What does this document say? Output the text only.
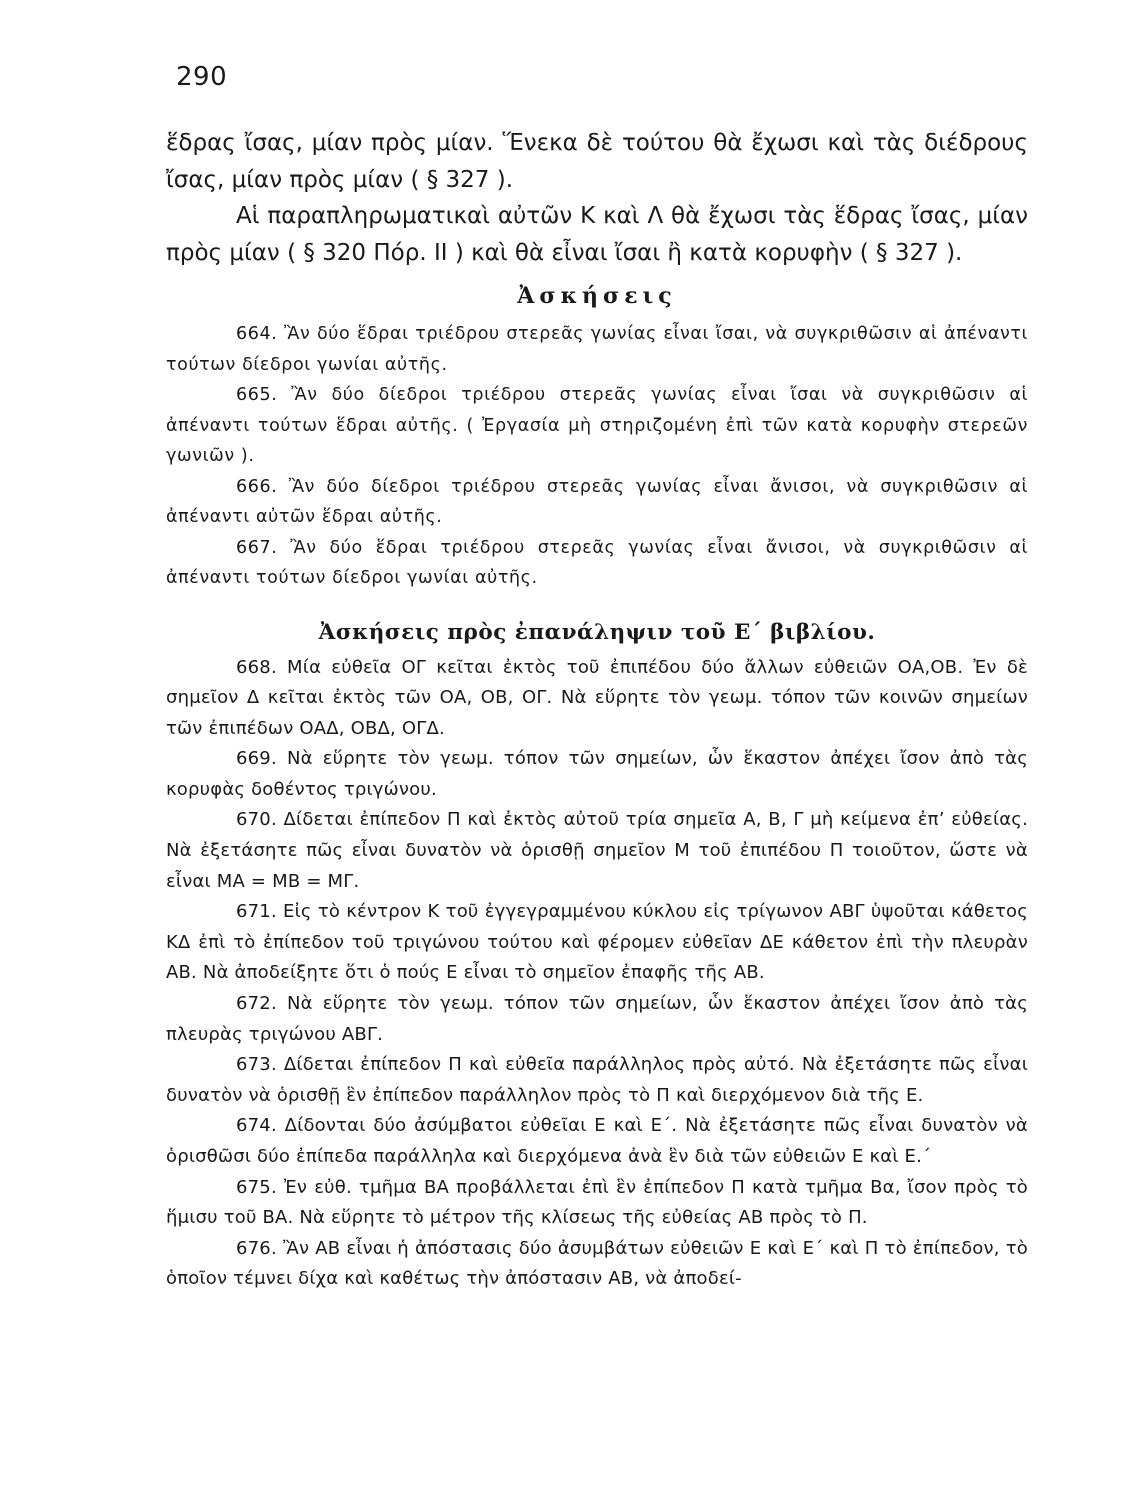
290

ἕδρας ἴσας, μίαν πρὸς μίαν. Ἕνεκα δὲ τούτου θὰ ἔχωσι καὶ τὰς διέδρους ἴσας, μίαν πρὸς μίαν ( § 327 ).

Αἱ παραπληρωματικαὶ αὐτῶν Κ καὶ Λ θὰ ἔχωσι τὰς ἕδρας ἴσας, μίαν πρὸς μίαν ( § 320 Πόρ. ΙΙ ) καὶ θὰ εἶναι ἴσαι ἢ κατὰ κορυφὴν ( § 327 ).

Ἀσκήσεις

664. Ἂν δύο ἕδραι τριέδρου στερεᾶς γωνίας εἶναι ἴσαι, νὰ συγκριθῶσιν αἱ ἀπέναντι τούτων δίεδροι γωνίαι αὐτῆς.

665. Ἂν δύο δίεδροι τριέδρου στερεᾶς γωνίας εἶναι ἴσαι νὰ συγκριθῶσιν αἱ ἀπέναντι τούτων ἕδραι αὐτῆς. ( Ἐργασία μὴ στηριζομένη ἐπὶ τῶν κατὰ κορυφὴν στερεῶν γωνιῶν ).

666. Ἂν δύο δίεδροι τριέδρου στερεᾶς γωνίας εἶναι ἄνισοι, νὰ συγκριθῶσιν αἱ ἀπέναντι αὐτῶν ἕδραι αὐτῆς.

667. Ἂν δύο ἕδραι τριέδρου στερεᾶς γωνίας εἶναι ἄνισοι, νὰ συγκριθῶσιν αἱ ἀπέναντι τούτων δίεδροι γωνίαι αὐτῆς.

Ἀσκήσεις πρὸς ἐπανάληψιν τοῦ Ε΄ βιβλίου.

668. Μία εὐθεῖα ΟΓ κεῖται ἐκτὸς τοῦ ἐπιπέδου δύο ἄλλων εὐθειῶν ΟΑ,ΟΒ. Ἐν δὲ σημεῖον Δ κεῖται ἐκτὸς τῶν ΟΑ, ΟΒ, ΟΓ. Νὰ εὕρητε τὸν γεωμ. τόπον τῶν κοινῶν σημείων τῶν ἐπιπέδων ΟΑΔ, ΟΒΔ, ΟΓΔ.

669. Νὰ εὕρητε τὸν γεωμ. τόπον τῶν σημείων, ὧν ἕκαστον ἀπέχει ἴσον ἀπὸ τὰς κορυφὰς δοθέντος τριγώνου.

670. Δίδεται ἐπίπεδον Π καὶ ἐκτὸς αὐτοῦ τρία σημεῖα Α, Β, Γ μὴ κείμενα ἐπ’ εὐθείας. Νὰ ἐξετάσητε πῶς εἶναι δυνατὸν νὰ ὁρισθῇ σημεῖον Μ τοῦ ἐπιπέδου Π τοιοῦτον, ὥστε νὰ εἶναι ΜΑ = ΜΒ = ΜΓ.

671. Εἰς τὸ κέντρον Κ τοῦ ἐγγεγραμμένου κύκλου εἰς τρίγωνον ΑΒΓ ὑψοῦται κάθετος ΚΔ ἐπὶ τὸ ἐπίπεδον τοῦ τριγώνου τούτου καὶ φέρομεν εὐθεῖαν ΔΕ κάθετον ἐπὶ τὴν πλευρὰν ΑΒ. Νὰ ἀποδείξητε ὅτι ὁ πούς Ε εἶναι τὸ σημεῖον ἐπαφῆς τῆς ΑΒ.

672. Νὰ εὕρητε τὸν γεωμ. τόπον τῶν σημείων, ὧν ἕκαστον ἀπέχει ἴσον ἀπὸ τὰς πλευρὰς τριγώνου ΑΒΓ.

673. Δίδεται ἐπίπεδον Π καὶ εὐθεῖα παράλληλος πρὸς αὐτό. Νὰ ἐξετάσητε πῶς εἶναι δυνατὸν νὰ ὁρισθῇ ἓν ἐπίπεδον παράλληλον πρὸς τὸ Π καὶ διερχόμενον διὰ τῆς Ε.

674. Δίδονται δύο ἀσύμβατοι εὐθεῖαι Ε καὶ Ε΄. Νὰ ἐξετάσητε πῶς εἶναι δυνατὸν νὰ ὁρισθῶσι δύο ἐπίπεδα παράλληλα καὶ διερχόμενα ἀνὰ ἓν διὰ τῶν εὐθειῶν Ε καὶ Ε.΄

675. Ἐν εὐθ. τμῆμα ΒΑ προβάλλεται ἐπὶ ἓν ἐπίπεδον Π κατὰ τμῆμα Βα, ἴσον πρὸς τὸ ἥμισυ τοῦ ΒΑ. Νὰ εὕρητε τὸ μέτρον τῆς κλίσεως τῆς εὐθείας ΑΒ πρὸς τὸ Π.

676. Ἂν ΑΒ εἶναι ἡ ἀπόστασις δύο ἀσυμβάτων εὐθειῶν Ε καὶ Ε΄ καὶ Π τὸ ἐπίπεδον, τὸ ὁποῖον τέμνει δίχα καὶ καθέτως τὴν ἀπόστασιν ΑΒ, νὰ ἀποδεί-
